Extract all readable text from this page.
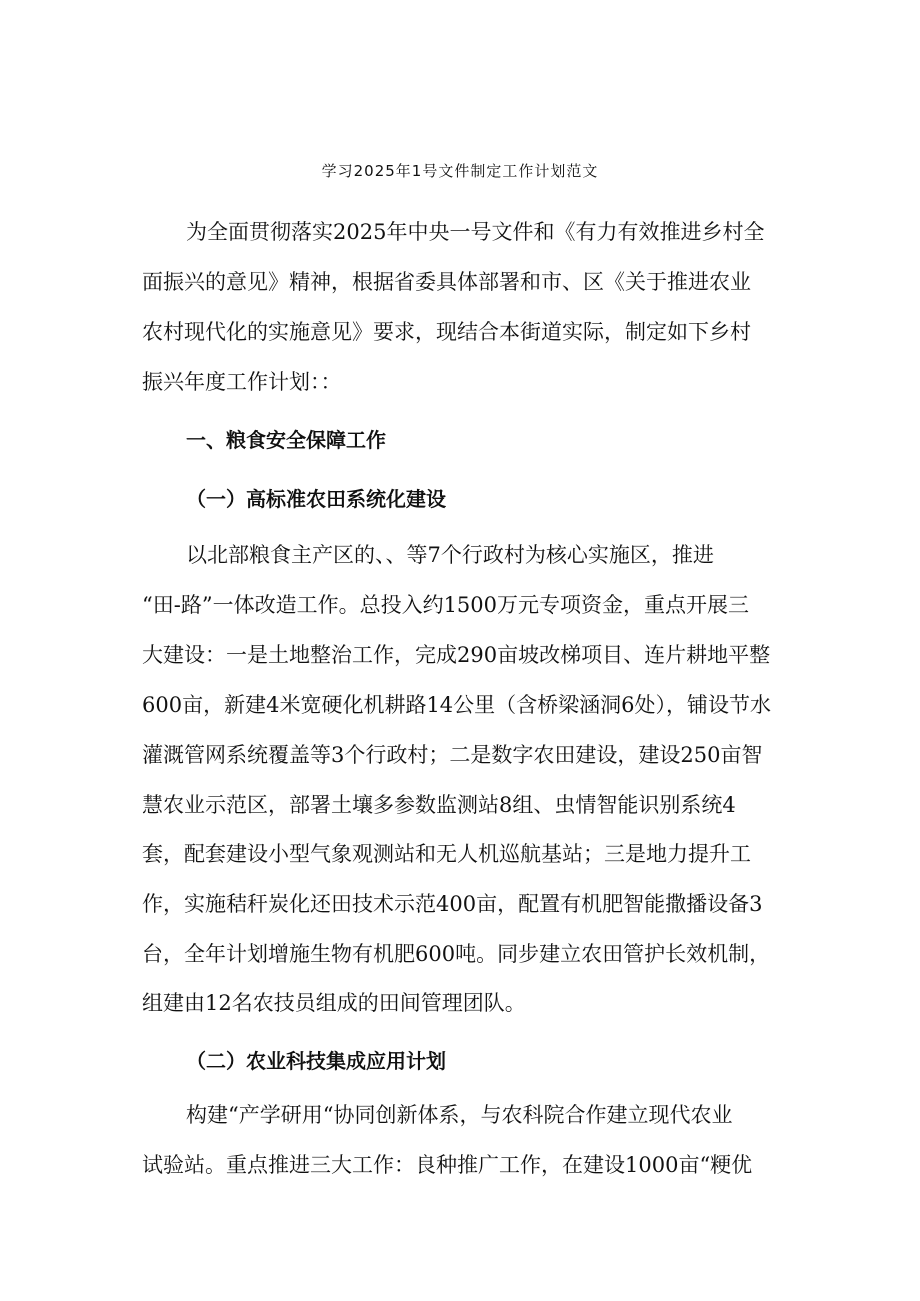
学习2025年1号文件制定工作计划范文
为全面贯彻落实2025年中央一号文件和《有力有效推进乡村全
面振兴的意见》精神，根据省委具体部署和市、区《关于推进农业
农村现代化的实施意见》要求，现结合本街道实际，制定如下乡村
振兴年度工作计划：：
一、粮食安全保障工作
（一）高标准农田系统化建设
以北部粮食主产区的、、等7个行政村为核心实施区，推进
“田-路”一体改造工作。总投入约1500万元专项资金，重点开展三
大建设：一是土地整治工作，完成290亩坡改梯项目、连片耕地平整
600亩，新建4米宽硬化机耕路14公里（含桥梁涵洞6处），铺设节水
灌溉管网系统覆盖等3个行政村；二是数字农田建设，建设250亩智
慧农业示范区，部署土壤多参数监测站8组、虫情智能识别系统4
套，配套建设小型气象观测站和无人机巡航基站；三是地力提升工
作，实施秸秆炭化还田技术示范400亩，配置有机肥智能撒播设备3
台，全年计划增施生物有机肥600吨。同步建立农田管护长效机制，
组建由12名农技员组成的田间管理团队。
（二）农业科技集成应用计划
构建“产学研用“协同创新体系，与农科院合作建立现代农业
试验站。重点推进三大工作：良种推广工作，在建设1000亩“粳优
